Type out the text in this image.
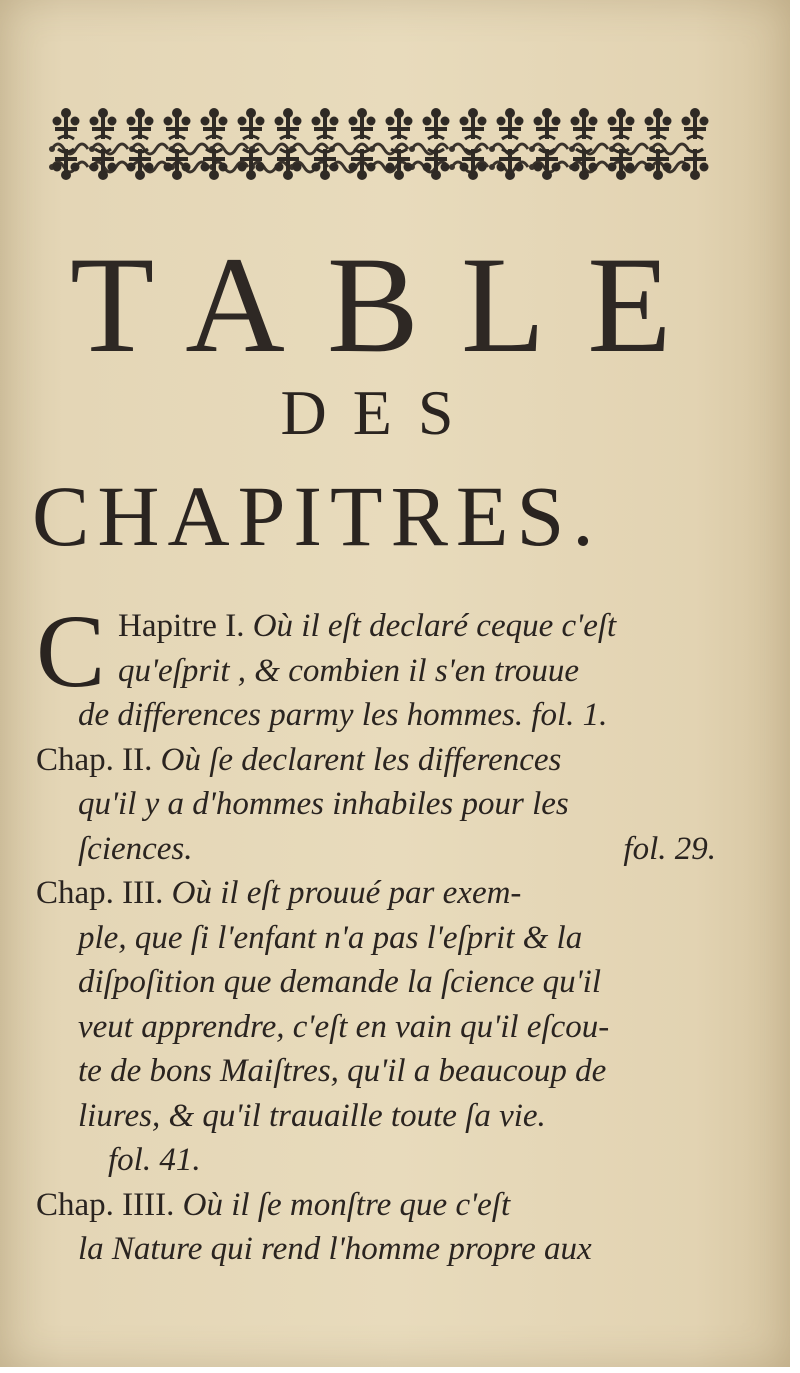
TABLE
DES
CHAPITRES.
C Hapitre I. Où il eſt declaré ceque c'eſt
qu'eſprit , & combien il s'en trouue
de differences parmy les hommes. fol. 1.
Chap. II. Où ſe declarent les differences
qu'il y a d'hommes inhabiles pour les
ſciences.	fol. 29.
Chap. III. Où il eſt prouué par exem-
ple, que ſi l'enfant n'a pas l'eſprit & la
diſpoſition que demande la ſcience qu'il
veut apprendre, c'eſt en vain qu'il eſcou-
te de bons Maiſtres, qu'il a beaucoup de
liures, & qu'il trauaille toute ſa vie.
fol. 41.
Chap. IIII. Où il ſe monſtre que c'eſt
la Nature qui rend l'homme propre aux
